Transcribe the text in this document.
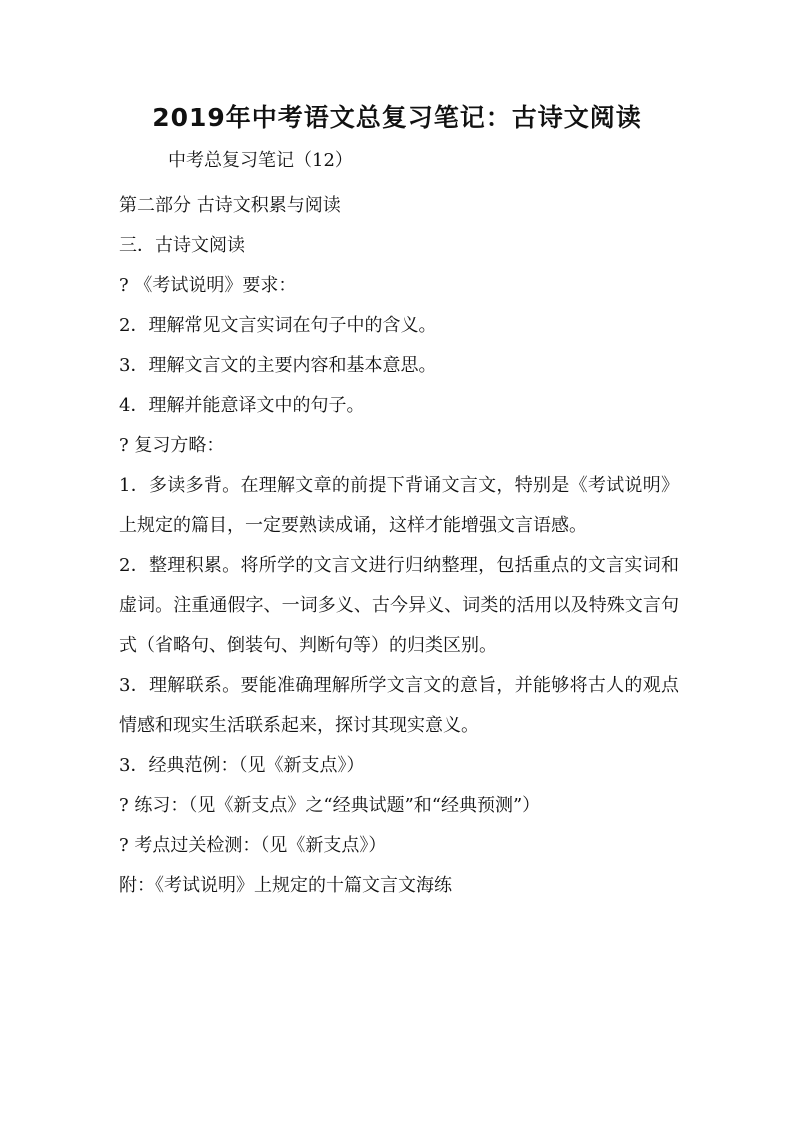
2019年中考语文总复习笔记：古诗文阅读
中考总复习笔记（12）
第二部分 古诗文积累与阅读
三．古诗文阅读
? 《考试说明》要求：
2．理解常见文言实词在句子中的含义。
3．理解文言文的主要内容和基本意思。
4．理解并能意译文中的句子。
? 复习方略：
1．多读多背。在理解文章的前提下背诵文言文，特别是《考试说明》上规定的篇目，一定要熟读成诵，这样才能增强文言语感。
2．整理积累。将所学的文言文进行归纳整理，包括重点的文言实词和虚词。注重通假字、一词多义、古今异义、词类的活用以及特殊文言句式（省略句、倒装句、判断句等）的归类区别。
3．理解联系。要能准确理解所学文言文的意旨，并能够将古人的观点情感和现实生活联系起来，探讨其现实意义。
3．经典范例：（见《新支点》）
? 练习：（见《新支点》之“经典试题”和“经典预测”）
? 考点过关检测：（见《新支点》）
附：《考试说明》上规定的十篇文言文海练
